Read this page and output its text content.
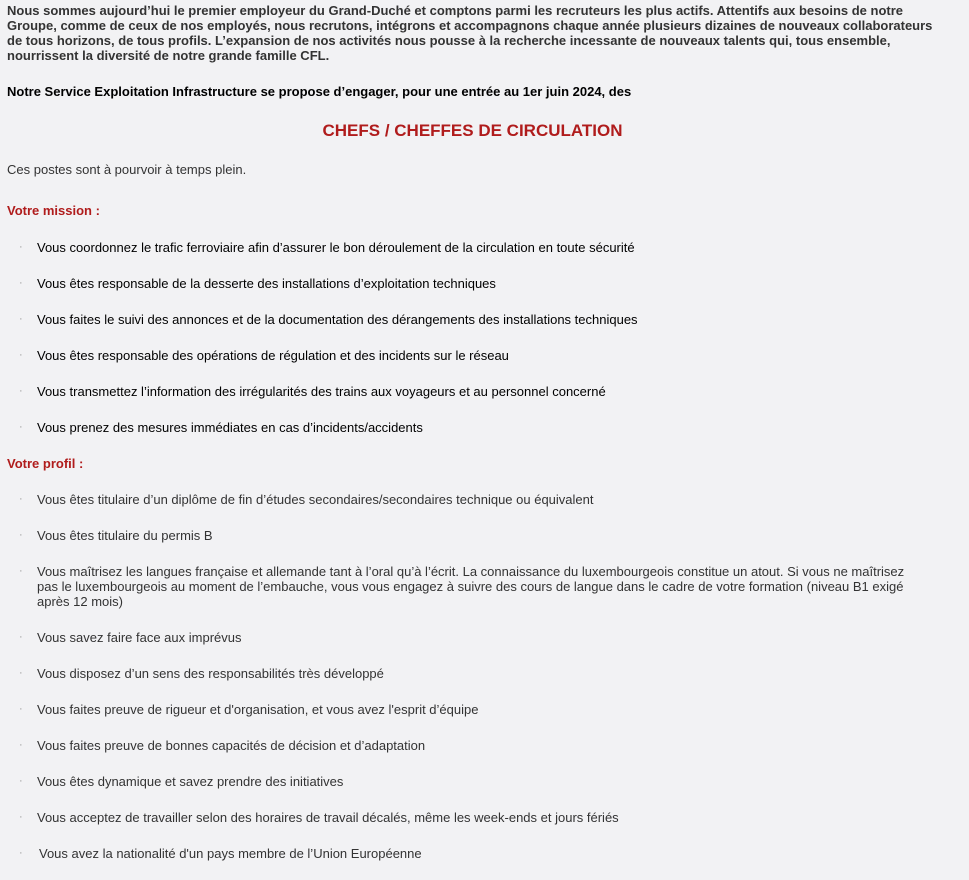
Nous sommes aujourd’hui le premier employeur du Grand-Duché et comptons parmi les recruteurs les plus actifs. Attentifs aux besoins de notre Groupe, comme de ceux de nos employés, nous recrutons, intégrons et accompagnons chaque année plusieurs dizaines de nouveaux collaborateurs de tous horizons, de tous profils. L’expansion de nos activités nous pousse à la recherche incessante de nouveaux talents qui, tous ensemble, nourrissent la diversité de notre grande famille CFL.

Notre Service Exploitation Infrastructure se propose d’engager, pour une entrée au 1er juin 2024, des

CHEFS / CHEFFES DE CIRCULATION

Ces postes sont à pourvoir à temps plein.

Votre mission :
· Vous coordonnez le trafic ferroviaire afin d’assurer le bon déroulement de la circulation en toute sécurité
· Vous êtes responsable de la desserte des installations d’exploitation techniques
· Vous faites le suivi des annonces et de la documentation des dérangements des installations techniques
· Vous êtes responsable des opérations de régulation et des incidents sur le réseau
· Vous transmettez l’information des irrégularités des trains aux voyageurs et au personnel concerné
· Vous prenez des mesures immédiates en cas d’incidents/accidents
Votre profil :
· Vous êtes titulaire d’un diplôme de fin d’études secondaires/secondaires technique ou équivalent
· Vous êtes titulaire du permis B
· Vous maîtrisez les langues française et allemande tant à l’oral qu’à l’écrit. La connaissance du luxembourgeois constitue un atout. Si vous ne maîtrisez pas le luxembourgeois au moment de l’embauche, vous vous engagez à suivre des cours de langue dans le cadre de votre formation (niveau B1 exigé après 12 mois)
· Vous savez faire face aux imprévus
· Vous disposez d’un sens des responsabilités très développé
· Vous faites preuve de rigueur et d'organisation, et vous avez l'esprit d’équipe
· Vous faites preuve de bonnes capacités de décision et d’adaptation
· Vous êtes dynamique et savez prendre des initiatives
· Vous acceptez de travailler selon des horaires de travail décalés, même les week-ends et jours fériés
· Vous avez la nationalité d'un pays membre de l’Union Européenne
